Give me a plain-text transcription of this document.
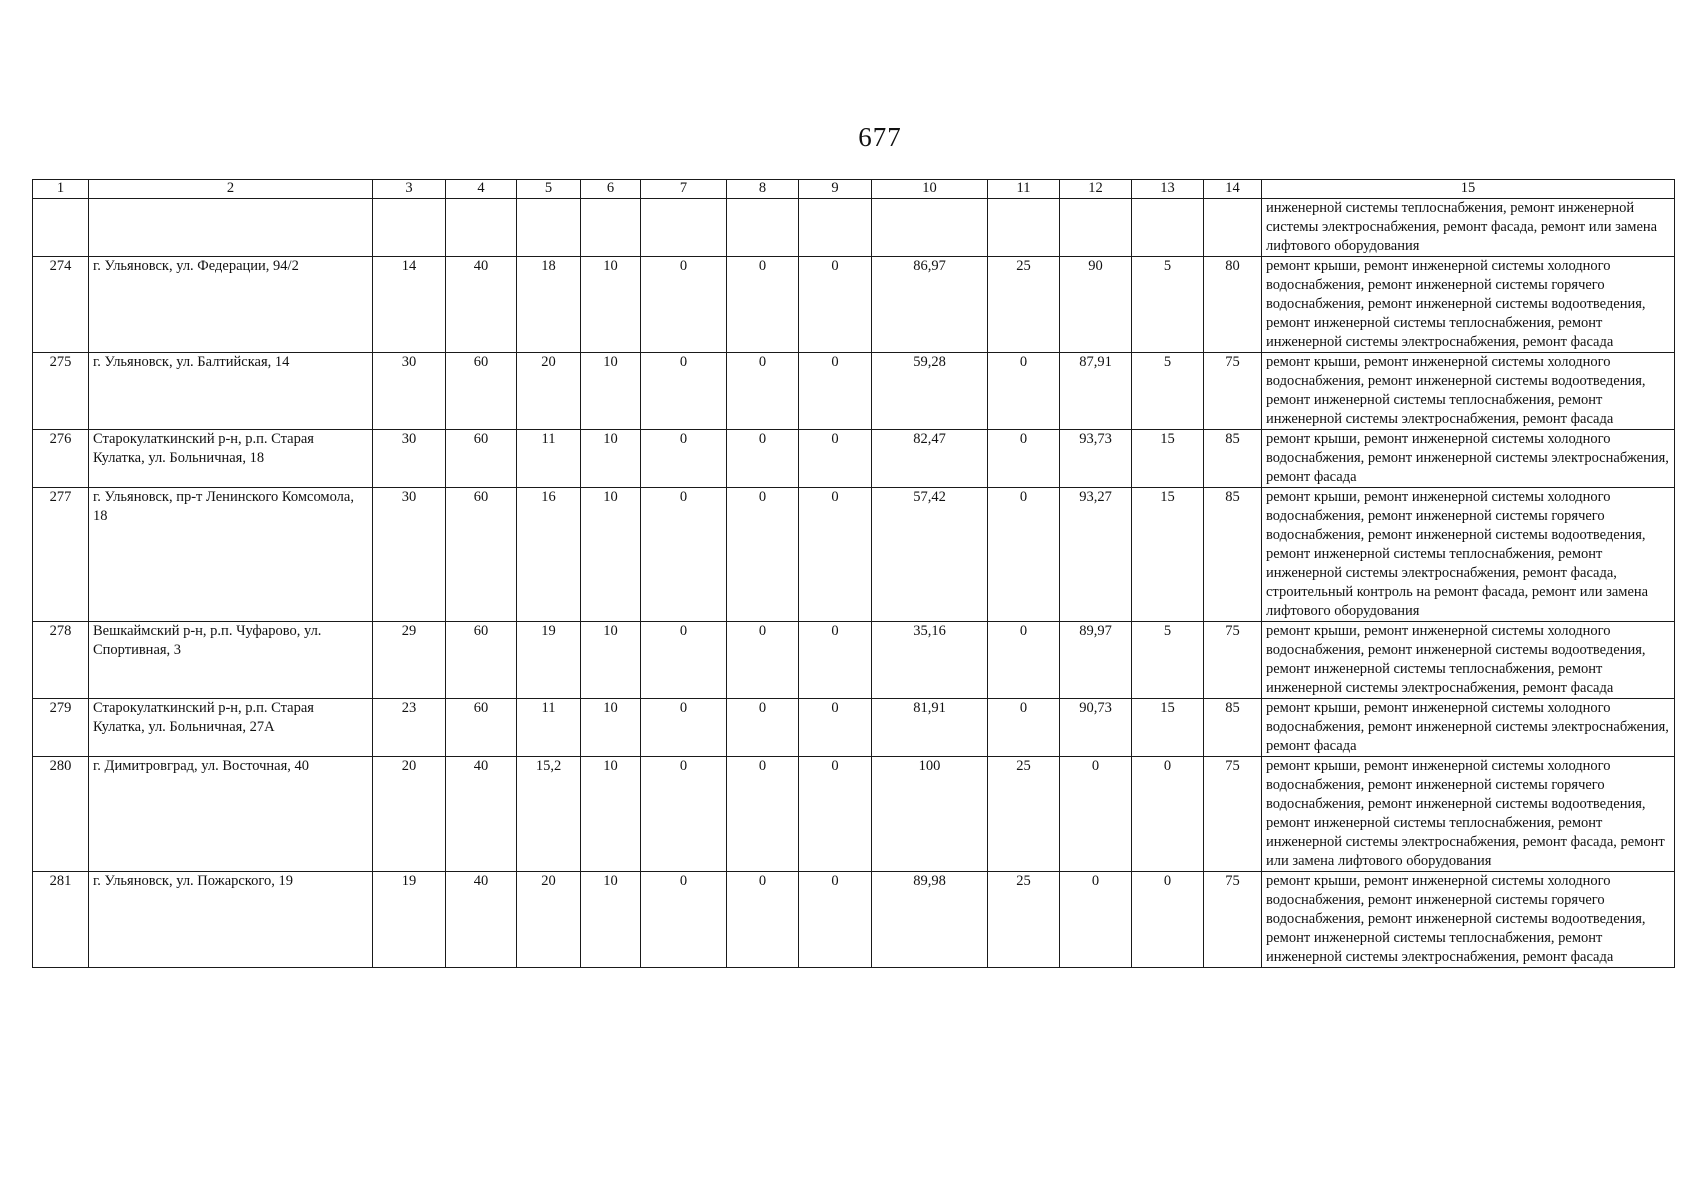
677
1	2	3	4	5	6	7	8	9	10	11	12	13	14	15
														инженерной системы теплоснабжения, ремонт инженерной системы электроснабжения, ремонт фасада, ремонт или замена лифтового оборудования
274	г. Ульяновск, ул. Федерации, 94/2	14	40	18	10	0	0	0	86,97	25	90	5	80	ремонт крыши, ремонт инженерной системы холодного водоснабжения, ремонт инженерной системы горячего водоснабжения, ремонт инженерной системы водоотведения, ремонт инженерной системы теплоснабжения, ремонт инженерной системы электроснабжения, ремонт фасада
275	г. Ульяновск, ул. Балтийская, 14	30	60	20	10	0	0	0	59,28	0	87,91	5	75	ремонт крыши, ремонт инженерной системы холодного водоснабжения, ремонт инженерной системы водоотведения, ремонт инженерной системы теплоснабжения, ремонт инженерной системы электроснабжения, ремонт фасада
276	Старокулаткинский р-н, р.п. Старая Кулатка, ул. Больничная, 18	30	60	11	10	0	0	0	82,47	0	93,73	15	85	ремонт крыши, ремонт инженерной системы холодного водоснабжения, ремонт инженерной системы электроснабжения, ремонт фасада
277	г. Ульяновск, пр-т Ленинского Комсомола, 18	30	60	16	10	0	0	0	57,42	0	93,27	15	85	ремонт крыши, ремонт инженерной системы холодного водоснабжения, ремонт инженерной системы горячего водоснабжения, ремонт инженерной системы водоотведения, ремонт инженерной системы теплоснабжения, ремонт инженерной системы электроснабжения, ремонт фасада, строительный контроль на ремонт фасада, ремонт или замена лифтового оборудования
278	Вешкаймский р-н, р.п. Чуфарово, ул. Спортивная, 3	29	60	19	10	0	0	0	35,16	0	89,97	5	75	ремонт крыши, ремонт инженерной системы холодного водоснабжения, ремонт инженерной системы водоотведения, ремонт инженерной системы теплоснабжения, ремонт инженерной системы электроснабжения, ремонт фасада
279	Старокулаткинский р-н, р.п. Старая Кулатка, ул. Больничная, 27А	23	60	11	10	0	0	0	81,91	0	90,73	15	85	ремонт крыши, ремонт инженерной системы холодного водоснабжения, ремонт инженерной системы электроснабжения, ремонт фасада
280	г. Димитровград, ул. Восточная, 40	20	40	15,2	10	0	0	0	100	25	0	0	75	ремонт крыши, ремонт инженерной системы холодного водоснабжения, ремонт инженерной системы горячего водоснабжения, ремонт инженерной системы водоотведения, ремонт инженерной системы теплоснабжения, ремонт инженерной системы электроснабжения, ремонт фасада, ремонт или замена лифтового оборудования
281	г. Ульяновск, ул. Пожарского, 19	19	40	20	10	0	0	0	89,98	25	0	0	75	ремонт крыши, ремонт инженерной системы холодного водоснабжения, ремонт инженерной системы горячего водоснабжения, ремонт инженерной системы водоотведения, ремонт инженерной системы теплоснабжения, ремонт инженерной системы электроснабжения, ремонт фасада
